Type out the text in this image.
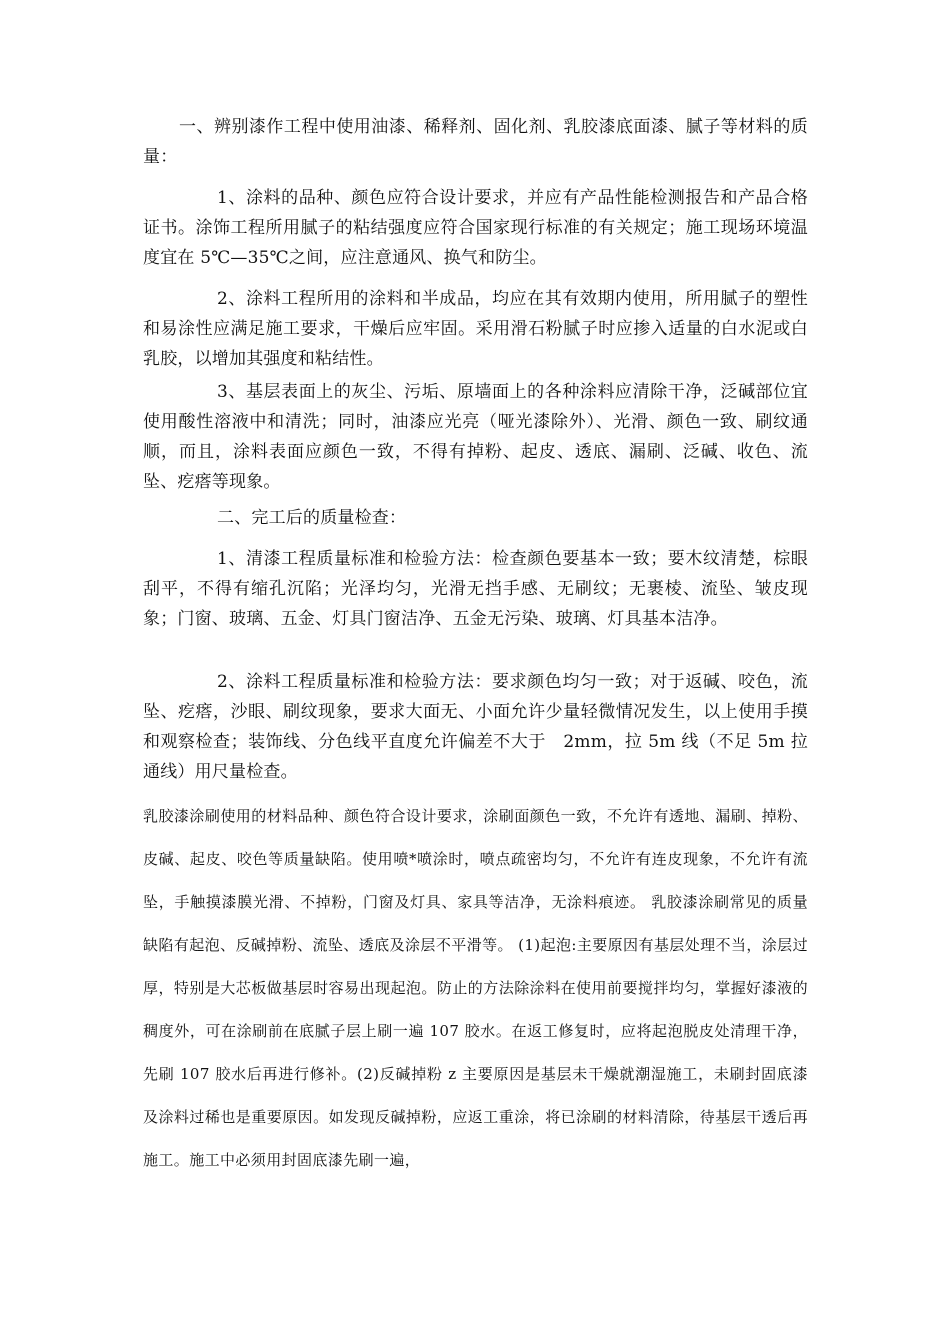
一、辨别漆作工程中使用油漆、稀释剂、固化剂、乳胶漆底面漆、腻子等材料的质量：

1、涂料的品种、颜色应符合设计要求，并应有产品性能检测报告和产品合格证书。涂饰工程所用腻子的粘结强度应符合国家现行标准的有关规定；施工现场环境温度宜在 5℃—35℃之间，应注意通风、换气和防尘。

2、涂料工程所用的涂料和半成品，均应在其有效期内使用，所用腻子的塑性和易涂性应满足施工要求，干燥后应牢固。采用滑石粉腻子时应掺入适量的白水泥或白乳胶，以增加其强度和粘结性。

3、基层表面上的灰尘、污垢、原墙面上的各种涂料应清除干净，泛碱部位宜使用酸性溶液中和清洗；同时，油漆应光亮（哑光漆除外）、光滑、颜色一致、刷纹通顺，而且，涂料表面应颜色一致，不得有掉粉、起皮、透底、漏刷、泛碱、收色、流坠、疙瘩等现象。

二、完工后的质量检查：

1、清漆工程质量标准和检验方法：检查颜色要基本一致；要木纹清楚，棕眼刮平，不得有缩孔沉陷；光泽均匀，光滑无挡手感、无刷纹；无裹棱、流坠、皱皮现象；门窗、玻璃、五金、灯具门窗洁净、五金无污染、玻璃、灯具基本洁净。

2、涂料工程质量标准和检验方法：要求颜色均匀一致；对于返碱、咬色，流坠、疙瘩，沙眼、刷纹现象，要求大面无、小面允许少量轻微情况发生，以上使用手摸和观察检查；装饰线、分色线平直度允许偏差不大于　2mm，拉 5m 线（不足 5m 拉通线）用尺量检查。

乳胶漆涂刷使用的材料品种、颜色符合设计要求，涂刷面颜色一致，不允许有透地、漏刷、掉粉、皮碱、起皮、咬色等质量缺陷。使用喷*喷涂时，喷点疏密均匀，不允许有连皮现象，不允许有流坠，手触摸漆膜光滑、不掉粉，门窗及灯具、家具等洁净，无涂料痕迹。 乳胶漆涂刷常见的质量缺陷有起泡、反碱掉粉、流坠、透底及涂层不平滑等。 (1)起泡:主要原因有基层处理不当，涂层过厚，特别是大芯板做基层时容易出现起泡。防止的方法除涂料在使用前要搅拌均匀，掌握好漆液的稠度外，可在涂刷前在底腻子层上刷一遍 107 胶水。在返工修复时，应将起泡脱皮处清理干净，先刷 107 胶水后再进行修补。(2)反碱掉粉 z 主要原因是基层未干燥就潮湿施工，未刷封固底漆及涂料过稀也是重要原因。如发现反碱掉粉，应返工重涂，将已涂刷的材料清除，待基层干透后再施工。施工中必须用封固底漆先刷一遍，
